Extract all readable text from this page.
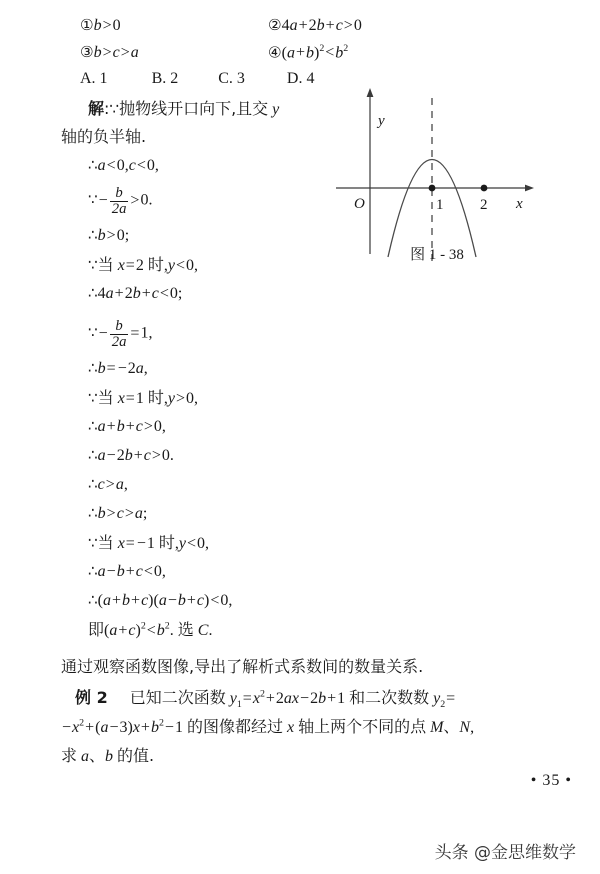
①b>0	②4a+2b+c>0
③b>c>a	$④(a+b)^2<b^2$
A. 1	B. 2	C. 3	D. 4
y
x
O	1 2
图 1 - 38
解:∵抛物线开口向下,且交 y
轴的负半轴.
∴a<0,c<0,
∵− $\frac{b}{2a} >0$.
∴b>0;
∵当 x=2 时,y<0,
∴4a+2b+c<0;
∵− $\frac{b}{2a} =1$,
∴b= −2a,
∵当 x=1 时,y>0,
∴a+b+c>0,
∴a−2b+c>0.
∴c>a,
∴b>c>a;
∵当 x= −1 时,y<0,
∴a−b+c<0,
∴(a+b+c)(a−b+c)<0,
即$(a+c)^2<b^2$. 选 C.
通过观察函数图像,导出了解析式系数间的数量关系.
例 2 已知二次函数 $y_1=x^2+2ax-2b+1$ 和二次数数 $y_2=$
$-x^2+(a-3)x+b^2-1$ 的图像都经过 x 轴上两个不同的点 M、N,
求 a、b 的值.
• 35 •
头条 @金思维数学
